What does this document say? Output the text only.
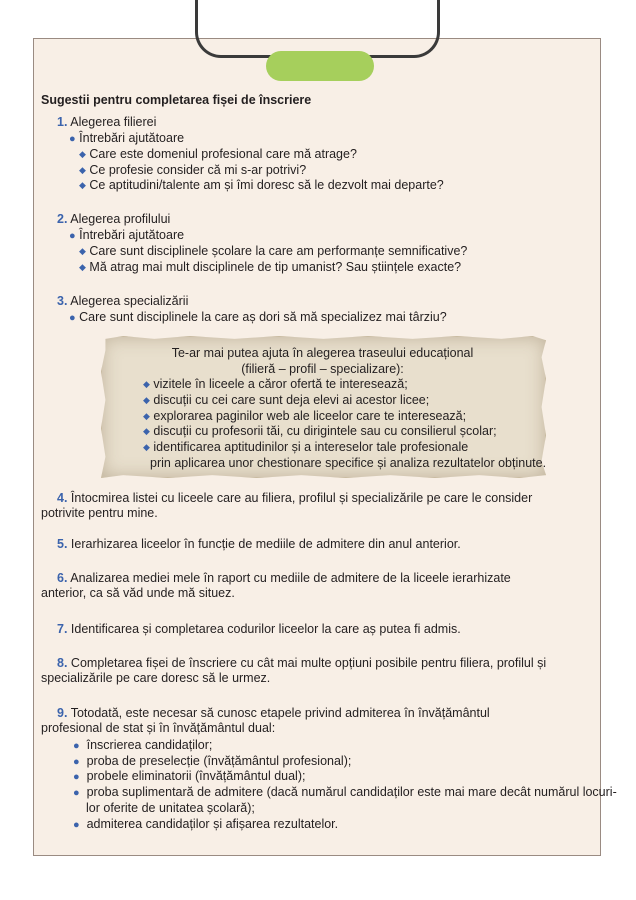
Sugestii pentru completarea fișei de înscriere
1. Alegerea filierei
● Întrebări ajutătoare
◆ Care este domeniul profesional care mă atrage?
◆ Ce profesie consider că mi s-ar potrivi?
◆ Ce aptitudini/talente am și îmi doresc să le dezvolt mai departe?
2. Alegerea profilului
● Întrebări ajutătoare
◆ Care sunt disciplinele școlare la care am performanțe semnificative?
◆ Mă atrag mai mult disciplinele de tip umanist? Sau științele exacte?
3. Alegerea specializării
● Care sunt disciplinele la care aș dori să mă specializez mai târziu?
Te-ar mai putea ajuta în alegerea traseului educațional
(filieră – profil – specializare):
◆ vizitele în liceele a căror ofertă te interesează;
◆ discuții cu cei care sunt deja elevi ai acestor licee;
◆ explorarea paginilor web ale liceelor care te interesează;
◆ discuții cu profesorii tăi, cu dirigintele sau cu consilierul școlar;
◆ identificarea aptitudinilor și a intereselor tale profesionale
prin aplicarea unor chestionare specifice și analiza rezultatelor obținute.
4. Întocmirea listei cu liceele care au filiera, profilul și specializările pe care le consider potrivite pentru mine.
5. Ierarhizarea liceelor în funcție de mediile de admitere din anul anterior.
6. Analizarea mediei mele în raport cu mediile de admitere de la liceele ierarhizate anterior, ca să văd unde mă situez.
7. Identificarea și completarea codurilor liceelor la care aș putea fi admis.
8. Completarea fișei de înscriere cu cât mai multe opțiuni posibile pentru filiera, profilul și specializările pe care doresc să le urmez.
9. Totodată, este necesar să cunosc etapele privind admiterea în învățământul profesional de stat și în învățământul dual:
● înscrierea candidaților;
● proba de preselecție (învățământul profesional);
● probele eliminatorii (învățământul dual);
● proba suplimentară de admitere (dacă numărul candidaților este mai mare decât numărul locuri-
lor oferite de unitatea școlară);
● admiterea candidaților și afișarea rezultatelor.
